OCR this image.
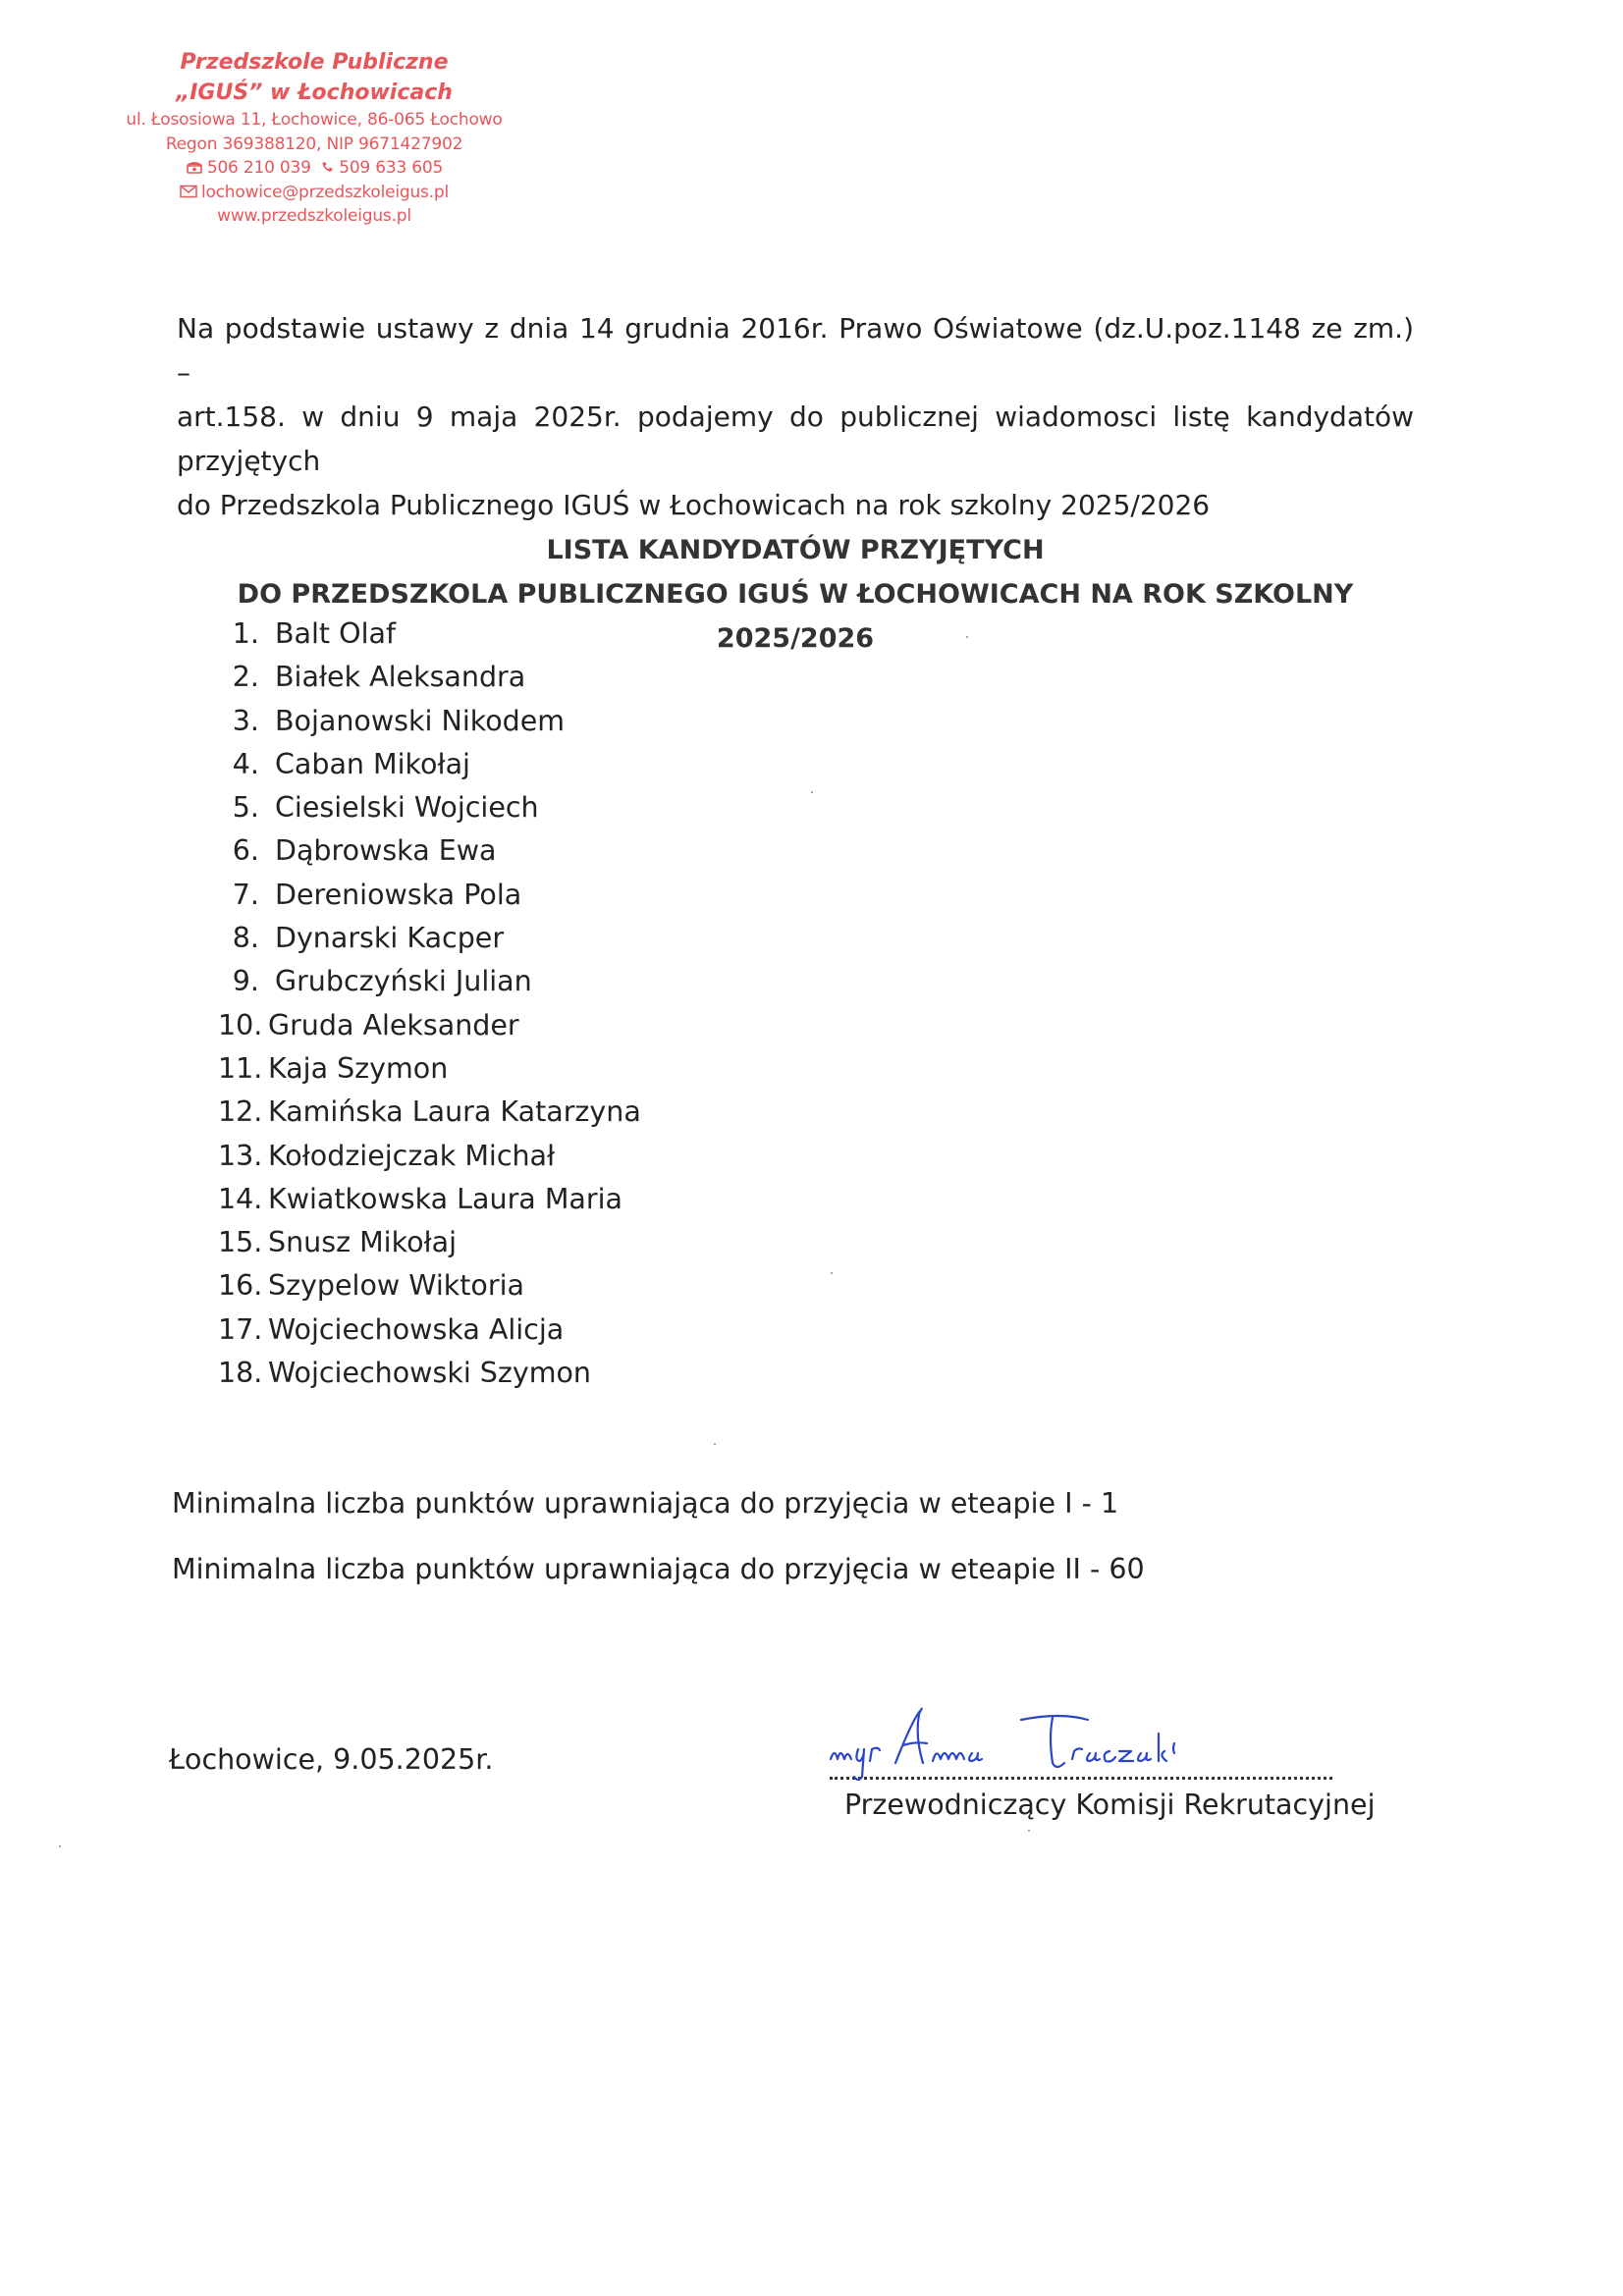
Przedszkole Publiczne
„IGUŚ” w Łochowicach
ul. Łososiowa 11, Łochowice, 86-065 Łochowo
Regon 369388120, NIP 9671427902
506 210 039 509 633 605
lochowice@przedszkoleigus.pl
www.przedszkoleigus.pl
Na podstawie ustawy z dnia 14 grudnia 2016r. Prawo Oświatowe (dz.U.poz.1148 ze zm.) –
art.158. w dniu 9 maja 2025r. podajemy do publicznej wiadomosci listę kandydatów przyjętych
do Przedszkola Publicznego IGUŚ w Łochowicach na rok szkolny 2025/2026
LISTA KANDYDATÓW PRZYJĘTYCH
DO PRZEDSZKOLA PUBLICZNEGO IGUŚ W ŁOCHOWICACH NA ROK SZKOLNY 2025/2026
1. Balt Olaf
2. Białek Aleksandra
3. Bojanowski Nikodem
4. Caban Mikołaj
5. Ciesielski Wojciech
6. Dąbrowska Ewa
7. Dereniowska Pola
8. Dynarski Kacper
9. Grubczyński Julian
10. Gruda Aleksander
11. Kaja Szymon
12. Kamińska Laura Katarzyna
13. Kołodziejczak Michał
14. Kwiatkowska Laura Maria
15. Snusz Mikołaj
16. Szypelow Wiktoria
17. Wojciechowska Alicja
18. Wojciechowski Szymon
Minimalna liczba punktów uprawniająca do przyjęcia w eteapie I - 1
Minimalna liczba punktów uprawniająca do przyjęcia w eteapie II - 60
Łochowice, 9.05.2025r.
Przewodniczący Komisji Rekrutacyjnej
